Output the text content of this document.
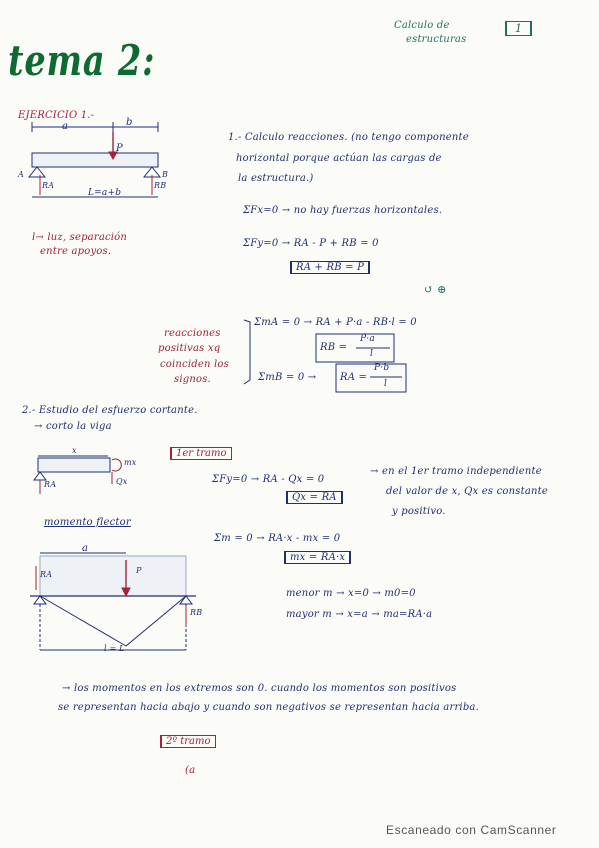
tema 2:
Calculo de
estructuras
1
EJERCICIO 1.-
a	b
P
A	B
RA	RB
L=a+b
l→ luz, separación
entre apoyos.
1.- Calculo reacciones. (no tengo componente
horizontal porque actúan las cargas de
la estructura.)
ΣFx=0 → no hay fuerzas horizontales.
ΣFy=0 → RA - P + RB = 0
RA + RB = P
↺ ⊕
reacciones
positivas xq
coinciden los
signos.
ΣmA = 0 → RA + P·a - RB·l = 0
RB =
P·a
l
ΣmB = 0 → RA =
P·b
l
2.- Estudio del esfuerzo cortante.
→ corto la viga
x
mx
Qx
RA
1er tramo
ΣFy=0 → RA - Qx = 0
Qx = RA
→ en el 1er tramo independiente
del valor de x, Qx es constante
y positivo.
momento flector
a
RA	P
RB
l = L
Σm = 0 → RA·x - mx = 0
mx = RA·x
menor m → x=0 → m0=0
mayor m → x=a → ma=RA·a
→ los momentos en los extremos son 0. cuando los momentos son positivos
se representan hacia abajo y cuando son negativos se representan hacia arriba.
2º tramo
(a
Escaneado con CamScanner
